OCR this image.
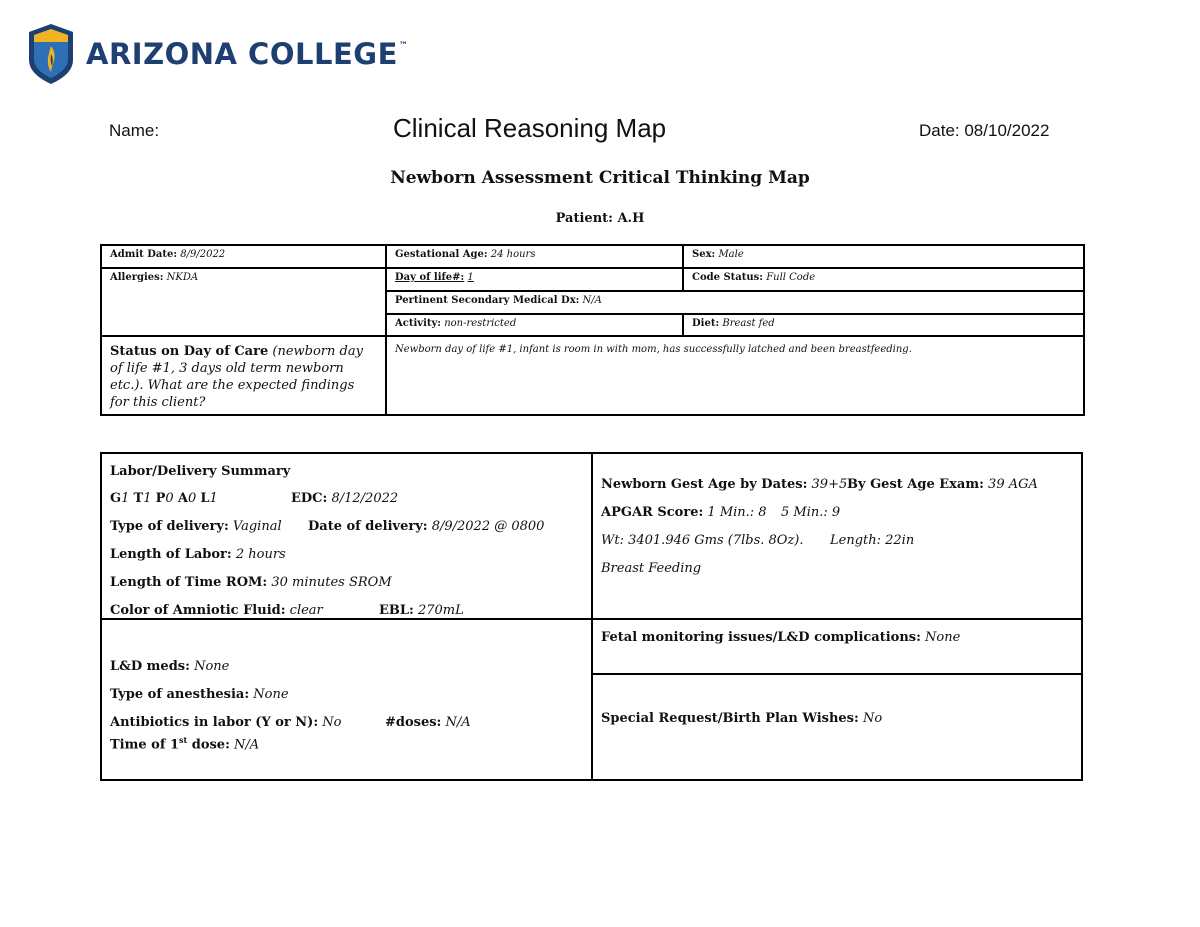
ARIZONA COLLEGE™
Name:	Clinical Reasoning Map	Date: 08/10/2022
Newborn Assessment Critical Thinking Map
Patient: A.H
Admit Date: 8/9/2022	Gestational Age: 24 hours	Sex: Male
Allergies: NKDA	Day of life#: 1	Code Status: Full Code
	Pertinent Secondary Medical Dx: N/A	
	Activity: non-restricted	Diet: Breast fed
Status on Day of Care (newborn day of life #1, 3 days old term newborn etc.). What are the expected findings for this client?	Newborn day of life #1, infant is room in with mom, has successfully latched and been breastfeeding.	
Labor/Delivery Summary
G1 T1 P0 A0 L1	EDC: 8/12/2022
Type of delivery: Vaginal Date of delivery: 8/9/2022 @ 0800
Length of Labor: 2 hours
Length of Time ROM: 30 minutes SROM
Color of Amniotic Fluid: clear	EBL: 270mL
Newborn Gest Age by Dates: 39+5 By Gest Age Exam: 39 AGA
APGAR Score: 1 Min.: 8 5 Min.: 9
Wt: 3401.946 Gms (7lbs. 8Oz). Length: 22in
Breast Feeding
L&D meds: None
Type of anesthesia: None
Antibiotics in labor (Y or N): No	#doses: N/A
Time of 1st dose: N/A
Fetal monitoring issues/L&D complications: None
Special Request/Birth Plan Wishes: No
